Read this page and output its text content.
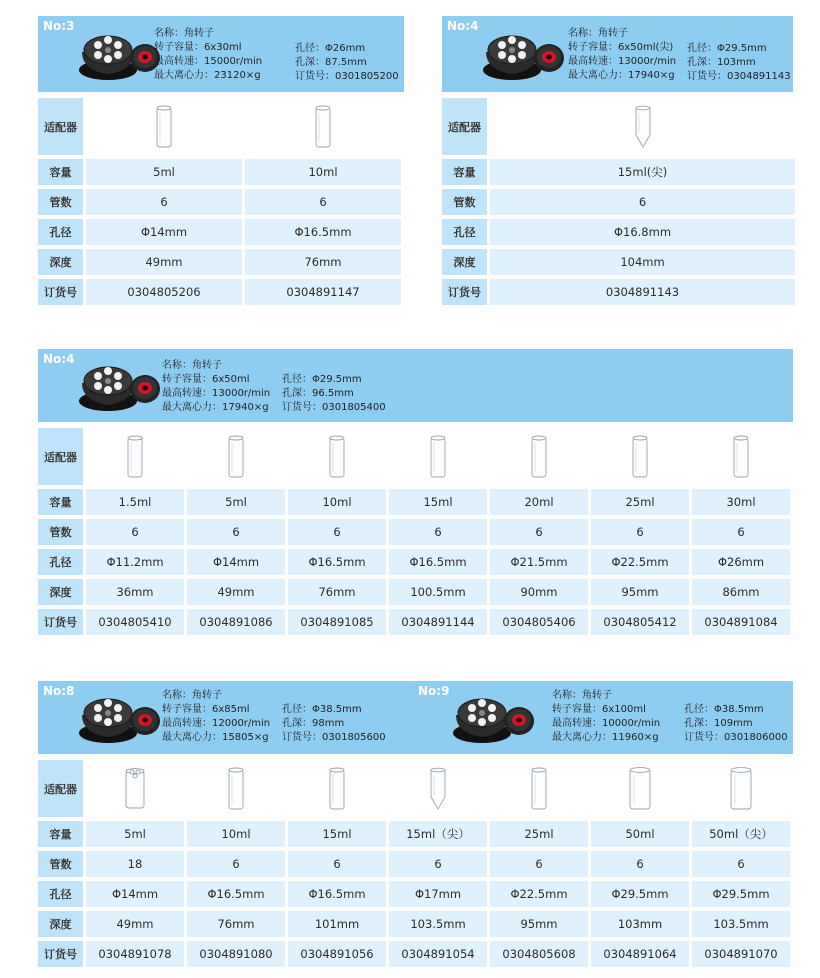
No:3
名称：角转子
转子容量：6x30ml
最高转速：15000r/min
最大离心力：23120×g
孔径：Φ26mm
孔深：87.5mm
订货号：0301805200
适配器
容量	5ml	10ml
管数	6	6
孔径	Φ14mm	Φ16.5mm
深度	49mm	76mm
订货号	0304805206	0304891147
No:4
名称：角转子
转子容量：6x50ml(尖)
最高转速：13000r/min
最大离心力：17940×g
孔径：Φ29.5mm
孔深：103mm
订货号：0304891143
适配器
容量	15ml(尖)
管数	6
孔径	Φ16.8mm
深度	104mm
订货号	0304891143
No:4	名称：角转子
转子容量：6x50ml
最高转速：13000r/min
最大离心力：17940×g
孔径：Φ29.5mm
孔深：96.5mm
订货号：0301805400
适配器
容量	1.5ml	5ml	10ml	15ml	20ml	25ml	30ml
管数	6	6	6	6	6	6	6
孔径	Φ11.2mm	Φ14mm	Φ16.5mm	Φ16.5mm	Φ21.5mm	Φ22.5mm	Φ26mm
深度	36mm	49mm	76mm	100.5mm	90mm	95mm	86mm
订货号	0304805410	0304891086	0304891085	0304891144	0304805406	0304805412	0304891084
No:8	名称：角转子
转子容量：6x85ml
最高转速：12000r/min
最大离心力：15805×g
孔径：Φ38.5mm
孔深：98mm
订货号：0301805600
No:9	名称：角转子
转子容量：6x100ml
最高转速：10000r/min
最大离心力：11960×g
孔径：Φ38.5mm
孔深：109mm
订货号：0301806000
适配器
容量	5ml	10ml	15ml	15ml（尖）	25ml	50ml	50ml（尖）
管数	18	6	6	6	6	6	6
孔径	Φ14mm	Φ16.5mm	Φ16.5mm	Φ17mm	Φ22.5mm	Φ29.5mm	Φ29.5mm
深度	49mm	76mm	101mm	103.5mm	95mm	103mm	103.5mm
订货号	0304891078	0304891080	0304891056	0304891054	0304805608	0304891064	0304891070
